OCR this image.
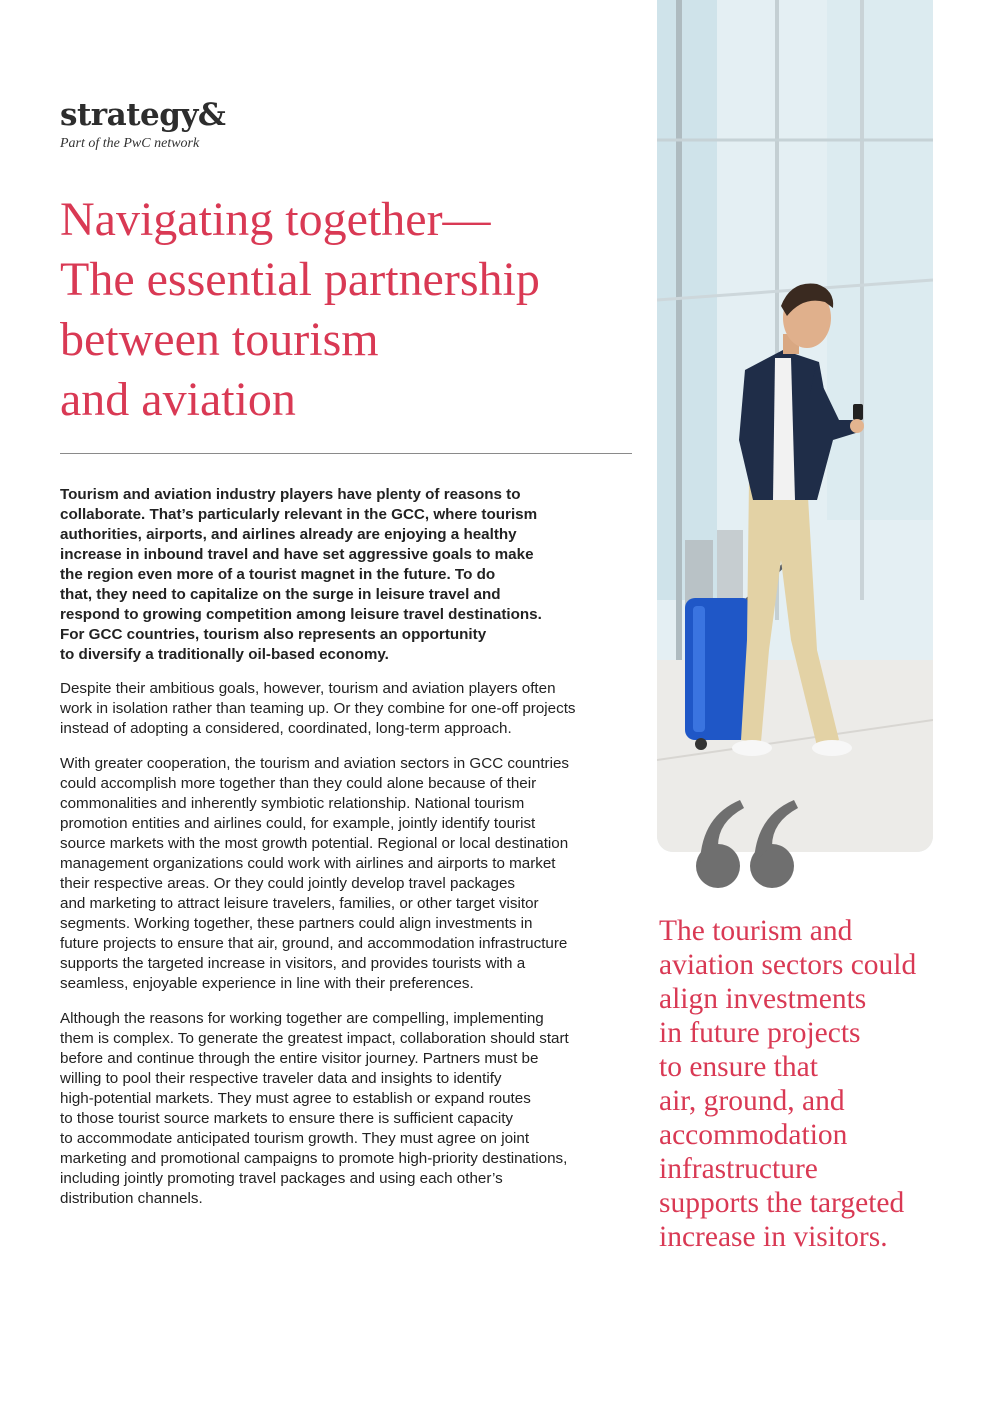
strategy&
Part of the PwC network
Navigating together—
The essential partnership
between tourism
and aviation

Tourism and aviation industry players have plenty of reasons to
collaborate. That’s particularly relevant in the GCC, where tourism
authorities, airports, and airlines already are enjoying a healthy
increase in inbound travel and have set aggressive goals to make
the region even more of a tourist magnet in the future. To do
that, they need to capitalize on the surge in leisure travel and
respond to growing competition among leisure travel destinations.
For GCC countries, tourism also represents an opportunity
to diversify a traditionally oil-based economy.

Despite their ambitious goals, however, tourism and aviation players often
work in isolation rather than teaming up. Or they combine for one-off projects
instead of adopting a considered, coordinated, long-term approach.

With greater cooperation, the tourism and aviation sectors in GCC countries
could accomplish more together than they could alone because of their
commonalities and inherently symbiotic relationship. National tourism
promotion entities and airlines could, for example, jointly identify tourist
source markets with the most growth potential. Regional or local destination
management organizations could work with airlines and airports to market
their respective areas. Or they could jointly develop travel packages
and marketing to attract leisure travelers, families, or other target visitor
segments. Working together, these partners could align investments in
future projects to ensure that air, ground, and accommodation infrastructure
supports the targeted increase in visitors, and provides tourists with a
seamless, enjoyable experience in line with their preferences.

Although the reasons for working together are compelling, implementing
them is complex. To generate the greatest impact, collaboration should start
before and continue through the entire visitor journey. Partners must be
willing to pool their respective traveler data and insights to identify
high-potential markets. They must agree to establish or expand routes
to those tourist source markets to ensure there is sufficient capacity
to accommodate anticipated tourism growth. They must agree on joint
marketing and promotional campaigns to promote high-priority destinations,
including jointly promoting travel packages and using each other’s
distribution channels.

The tourism and
aviation sectors could
align investments
in future projects
to ensure that
air, ground, and
accommodation
infrastructure
supports the targeted
increase in visitors.
